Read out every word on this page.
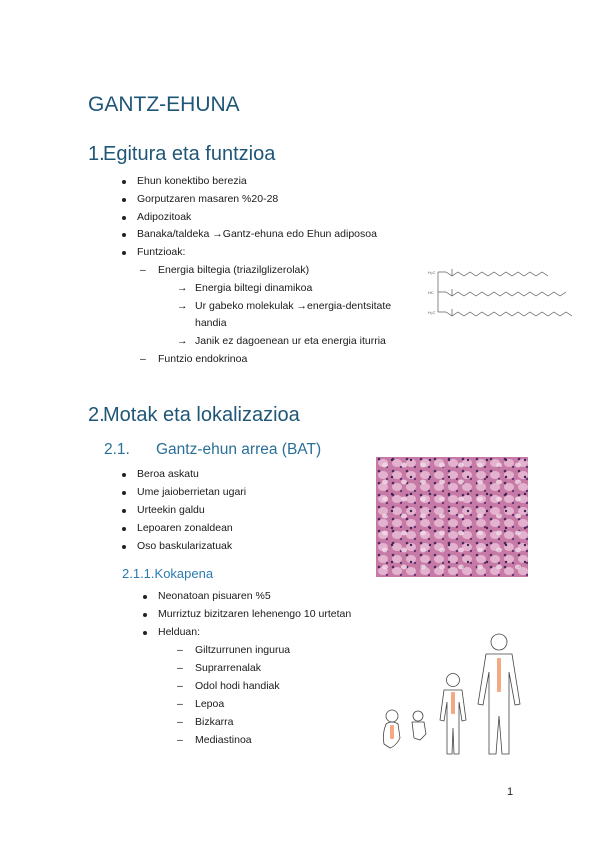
GANTZ-EHUNA
1.Egitura eta funtzioa
Ehun konektibo berezia
Gorputzaren masaren %20-28
Adipozitoak
Banaka/taldeka →Gantz-ehuna edo Ehun adiposoa
Funtzioak:
– Energia biltegia (triazilglizerolak)
→ Energia biltegi dinamikoa
→ Ur gabeko molekulak →energia-dentsitate
handia
→ Janik ez dagoenean ur eta energia iturria
– Funtzio endokrinoa
H₂C
HC
H₂C
2.Motak eta lokalizazioa
2.1. Gantz-ehun arrea (BAT)
Beroa askatu
Ume jaioberrietan ugari
Urteekin galdu
Lepoaren zonaldean
Oso baskularizatuak
2.1.1.Kokapena
Neonatoan pisuaren %5
Murriztuz bizitzaren lehenengo 10 urtetan
Helduan:
– Giltzurrunen ingurua
– Suprarrenalak
– Odol hodi handiak
– Lepoa
– Bizkarra
– Mediastinoa
1
